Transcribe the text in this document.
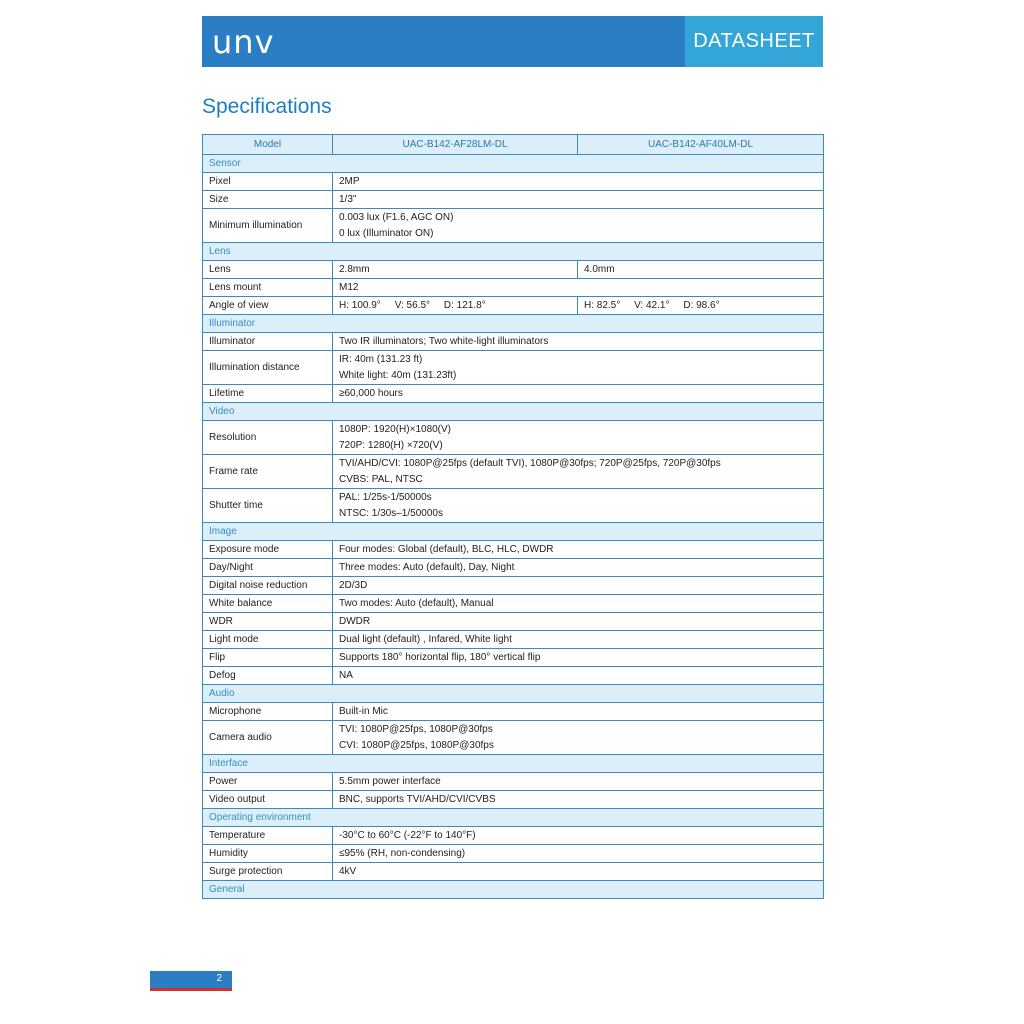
unv	DATASHEET
Specifications
Model	UAC-B142-AF28LM-DL	UAC-B142-AF40LM-DL
Sensor		
Pixel	2MP	
Size	1/3"	
Minimum illumination	0.003 lux (F1.6, AGC ON)
0 lux (Illuminator ON)	

Lens		
Lens	2.8mm	4.0mm
Lens mount	M12	
Angle of view	H: 100.9°     V: 56.5°     D: 121.8°	H: 82.5°     V: 42.1°     D: 98.6°
Illuminator		
Illuminator	Two IR illuminators; Two white-light illuminators	
Illumination distance	IR: 40m (131.23 ft)
White light: 40m (131.23ft)	

Lifetime	≥60,000 hours	
Video		
Resolution	1080P: 1920(H)×1080(V)
720P: 1280(H) ×720(V)	

Frame rate	TVI/AHD/CVI: 1080P@25fps (default TVI), 1080P@30fps; 720P@25fps, 720P@30fps
CVBS: PAL, NTSC	

Shutter time	PAL: 1/25s-1/50000s
NTSC: 1/30s–1/50000s	

Image		
Exposure mode	Four modes: Global (default), BLC, HLC, DWDR	
Day/Night	Three modes: Auto (default), Day, Night	
Digital noise reduction	2D/3D	
White balance	Two modes: Auto (default), Manual	
WDR	DWDR	
Light mode	Dual light (default) , Infared, White light	
Flip	Supports 180° horizontal flip, 180° vertical flip	
Defog	NA	
Audio		
Microphone	Built-in Mic	
Camera audio	TVI: 1080P@25fps, 1080P@30fps
CVI: 1080P@25fps, 1080P@30fps	

Interface		
Power	5.5mm power interface	
Video output	BNC, supports TVI/AHD/CVI/CVBS	
Operating environment		
Temperature	-30°C to 60°C (-22°F to 140°F)	
Humidity	≤95% (RH, non-condensing)	
Surge protection	4kV	
General		
2
